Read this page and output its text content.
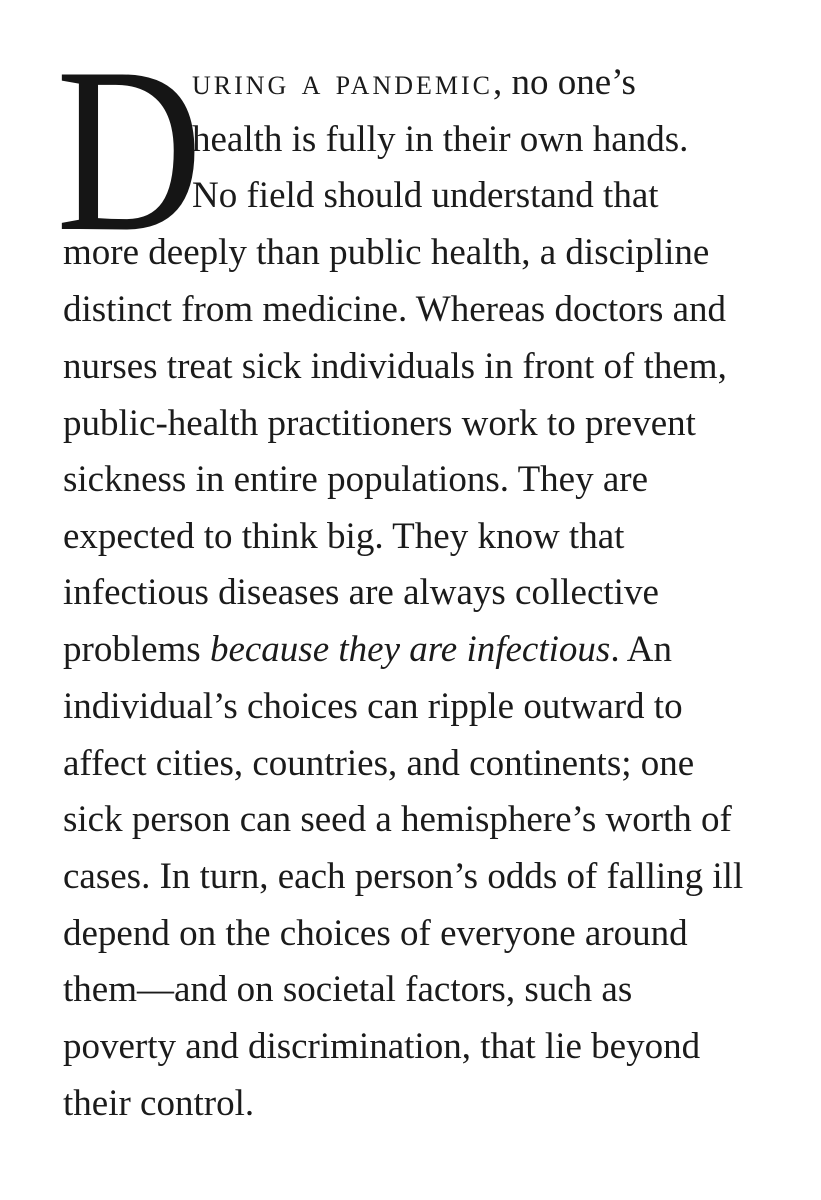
D
uring a pandemic, no one’s
health is fully in their own hands.
No field should understand that
more deeply than public health, a discipline
distinct from medicine. Whereas doctors and
nurses treat sick individuals in front of them,
public-health practitioners work to prevent
sickness in entire populations. They are
expected to think big. They know that
infectious diseases are always collective
problems because they are infectious. An
individual’s choices can ripple outward to
affect cities, countries, and continents; one
sick person can seed a hemisphere’s worth of
cases. In turn, each person’s odds of falling ill
depend on the choices of everyone around
them—and on societal factors, such as
poverty and discrimination, that lie beyond
their control.
